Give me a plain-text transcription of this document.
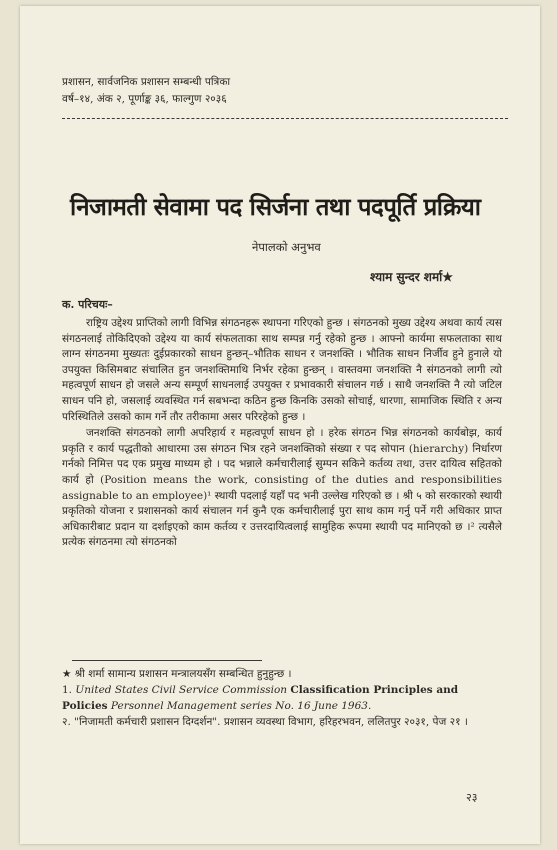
प्रशासन, सार्वजनिक प्रशासन सम्बन्धी पत्रिका
वर्ष–१४, अंक २, पूर्णाङ्क ३६, फाल्गुण २०३६
निजामती सेवामा पद सिर्जना तथा पदपूर्ति प्रक्रिया
नेपालको अनुभव
श्याम सुन्दर शर्मा★
क. परिचयः–

राष्ट्रिय उद्देश्य प्राप्तिको लागी विभिन्न संगठनहरू स्थापना गरिएको हुन्छ । संगठनको मुख्य उद्देश्य अथवा कार्य त्यस संगठनलाई तोकिदिएको उद्देश्य या कार्य संफलताका साथ सम्पन्न गर्नु रहेको हुन्छ । आफ्नो कार्यमा सफलताका साथ लाग्न संगठनमा मुख्यतः दुईप्रकारको साधन हुन्छन्–भौतिक साधन र जनशक्ति । भौतिक साधन निर्जीव हुने हुनाले यो उपयुक्त किसिमबाट संचालित हुन जनशक्तिमाथि निर्भर रहेका हुन्छन् । वास्तवमा जनशक्ति नै संगठनको लागी त्यो महत्वपूर्ण साधन हो जसले अन्य सम्पूर्ण साधनलाई उपयुक्त र प्रभावकारी संचालन गर्छ । साथै जनशक्ति नै त्यो जटिल साधन पनि हो, जसलाई व्यवस्थित गर्न सबभन्दा कठिन हुन्छ किनकि उसको सोचाई, धारणा, सामाजिक स्थिति र अन्य परिस्थितिले उसको काम गर्ने तौर तरीकामा असर परिरहेको हुन्छ ।

जनशक्ति संगठनको लागी अपरिहार्य र महत्वपूर्ण साधन हो । हरेक संगठन भिन्न संगठनको कार्यबोझ, कार्य प्रकृति र कार्य पद्धतीको आधारमा उस संगठन भित्र रहने जनशक्तिको संख्या र पद सोपान (hierarchy) निर्धारण गर्नको निमित्त पद एक प्रमुख माध्यम हो । पद भन्नाले कर्मचारीलाई सुम्पन सकिने कर्तव्य तथा, उत्तर दायित्व सहितको कार्य हो (Position means the work, consisting of the duties and responsibilities assignable to an employee)¹ स्थायी पदलाई यहाँ पद भनी उल्लेख गरिएको छ । श्री ५ को सरकारको स्थायी प्रकृतिको योजना र प्रशासनको कार्य संचालन गर्न कुनै एक कर्मचारीलाई पुरा साथ काम गर्नु पर्ने गरी अधिकार प्राप्त अधिकारीबाट प्रदान या दर्शाइएको काम कर्तव्य र उत्तरदायित्वलाई सामुहिक रूपमा स्थायी पद मानिएको छ ।² त्यसैले प्रत्येक संगठनमा त्यो संगठनको

★ श्री शर्मा सामान्य प्रशासन मन्त्रालयसँग सम्बन्धित हुनुहुन्छ ।

1. United States Civil Service Commission Classification Principles and Policies Personnel Management series No. 16 June 1963.

२. "निजामती कर्मचारी प्रशासन दिग्दर्शन". प्रशासन व्यवस्था विभाग, हरिहरभवन, ललितपुर २०३१, पेज २१ ।

२३
